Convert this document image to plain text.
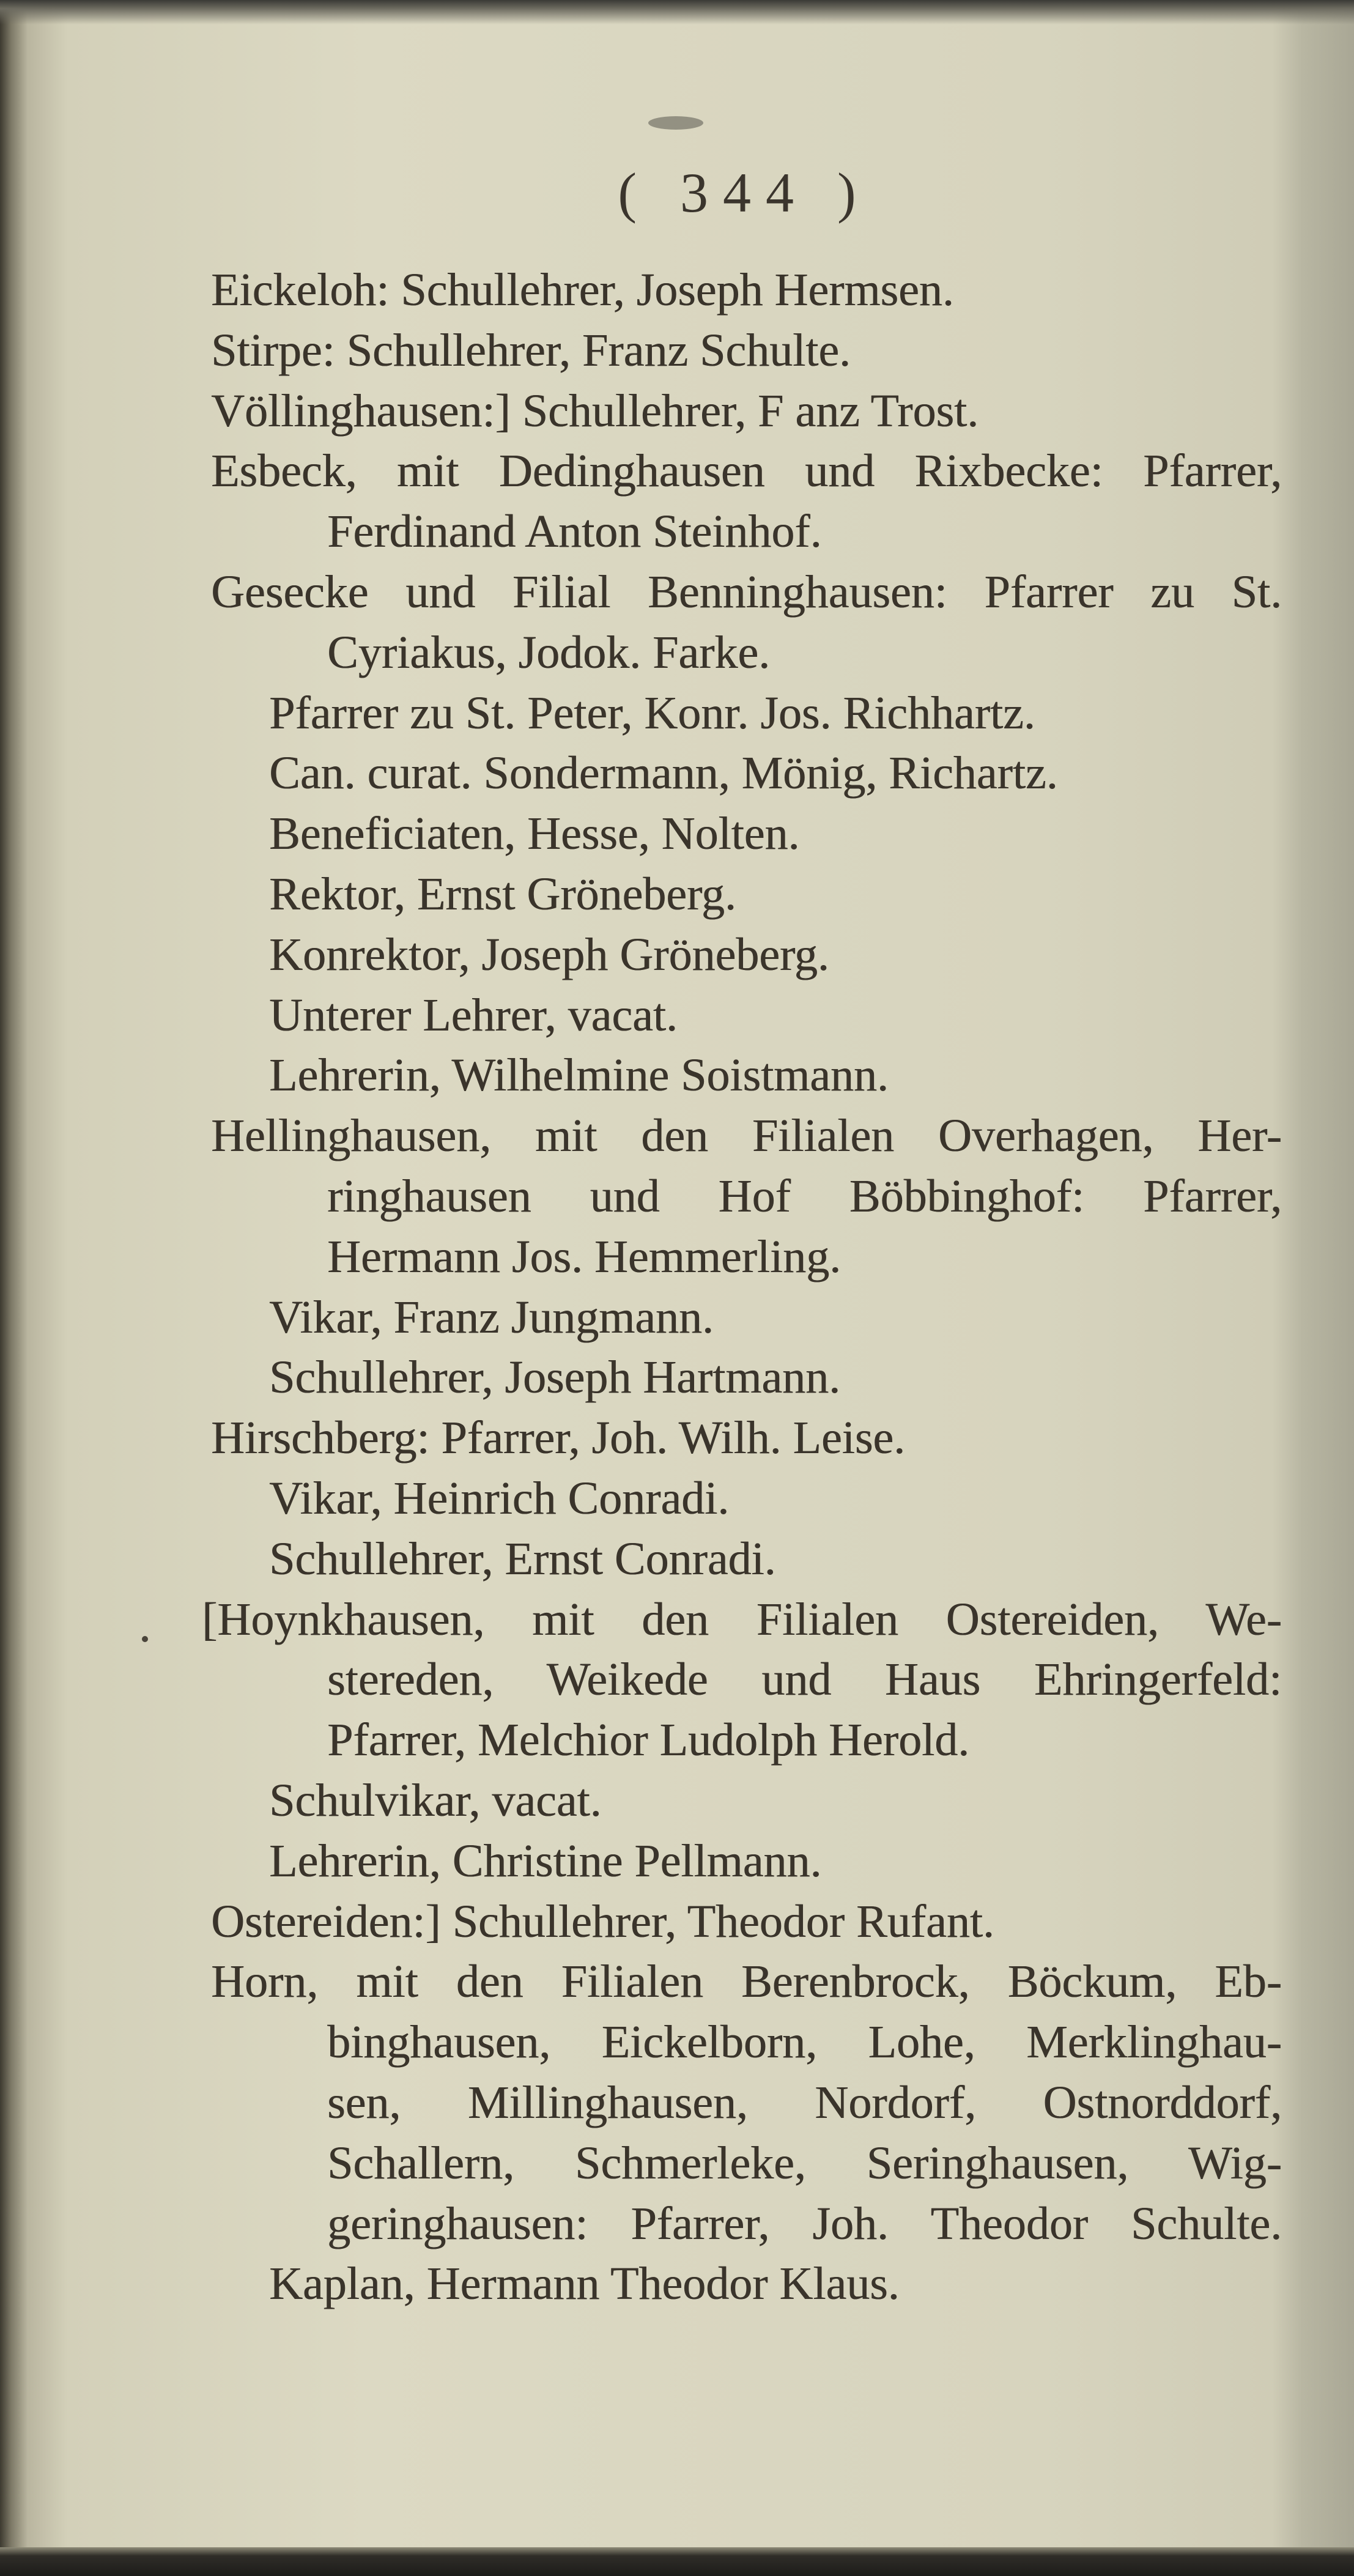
( 344 )
Eickeloh: Schullehrer, Joseph Hermsen.
Stirpe: Schullehrer, Franz Schulte.
Völlinghausen:] Schullehrer, F anz Trost.
Esbeck, mit Dedinghausen und Rixbecke: Pfarrer,
Ferdinand Anton Steinhof.
Gesecke und Filial Benninghausen: Pfarrer zu St.
Cyriakus, Jodok. Farke.
Pfarrer zu St. Peter, Konr. Jos. Richhartz.
Can. curat. Sondermann, Mönig, Richartz.
Beneficiaten, Hesse, Nolten.
Rektor, Ernst Gröneberg.
Konrektor, Joseph Gröneberg.
Unterer Lehrer, vacat.
Lehrerin, Wilhelmine Soistmann.
Hellinghausen, mit den Filialen Overhagen, Her-
ringhausen und Hof Böbbinghof: Pfarrer,
Hermann Jos. Hemmerling.
Vikar, Franz Jungmann.
Schullehrer, Joseph Hartmann.
Hirschberg: Pfarrer, Joh. Wilh. Leise.
Vikar, Heinrich Conradi.
Schullehrer, Ernst Conradi.
[Hoynkhausen, mit den Filialen Ostereiden, We-
stereden, Weikede und Haus Ehringerfeld:
Pfarrer, Melchior Ludolph Herold.
Schulvikar, vacat.
Lehrerin, Christine Pellmann.
Ostereiden:] Schullehrer, Theodor Rufant.
Horn, mit den Filialen Berenbrock, Böckum, Eb-
binghausen, Eickelborn, Lohe, Merklinghau-
sen, Millinghausen, Nordorf, Ostnorddorf,
Schallern, Schmerleke, Seringhausen, Wig-
geringhausen: Pfarrer, Joh. Theodor Schulte.
Kaplan, Hermann Theodor Klaus.
